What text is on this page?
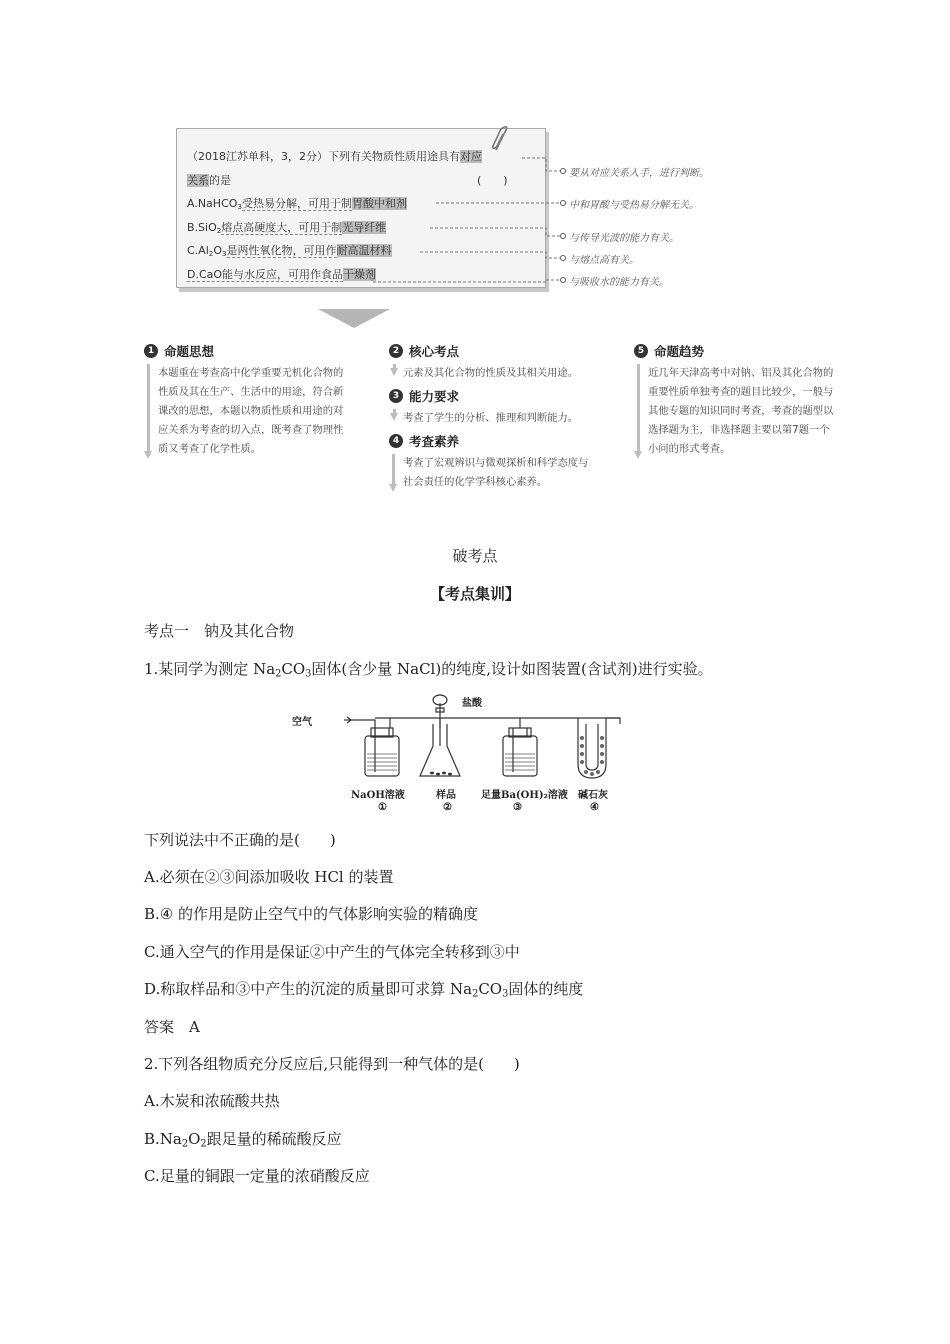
（2018江苏单科，3，2分）下列有关物质性质用途具有对应
关系的是
A.NaHCO$_3$受热易分解，可用于制胃酸中和剂
B.SiO$_2$熔点高硬度大，可用于制光导纤维
$C.Al_2O_3$是两性氧化物，可用作耐高温材料
D.CaO能与水反应，可用作食品干燥剂
(　　)
要从对应关系入手，进行判断。
中和胃酸与受热易分解无关。
与传导光波的能力有关。
与熔点高有关。
与吸收水的能力有关。
1 命题思想
本题重在考查高中化学重要无机化合物的
性质及其在生产、生活中的用途，符合新
课改的思想，本题以物质性质和用途的对
应关系为考查的切入点，既考查了物理性
质又考查了化学性质。
2 核心考点
元素及其化合物的性质及其相关用途。
3 能力要求
考查了学生的分析、推理和判断能力。
4 考查素养
考查了宏观辨识与微观探析和科学态度与
社会责任的化学学科核心素养。
5 命题趋势
近几年天津高考中对钠、铝及其化合物的
重要性质单独考查的题目比较少，一般与
其他专题的知识同时考查，考查的题型以
选择题为主，非选择题主要以第7题一个
小问的形式考查。
破考点
【考点集训】
考点一　钠及其化合物
1.某同学为测定 $Na_2CO_3$固体(含少量 NaCl)的纯度,设计如图装置(含试剂)进行实验。
空气
盐酸
NaOH溶液	样品	足量Ba(OH)₂溶液 碱石灰
①	②	③	④
下列说法中不正确的是(　　)
A.必须在②③间添加吸收 HCl 的装置
B.④ 的作用是防止空气中的气体影响实验的精确度
C.通入空气的作用是保证②中产生的气体完全转移到③中
D.称取样品和③中产生的沉淀的质量即可求算 $Na_2CO_3$固体的纯度
答案　A
2.下列各组物质充分反应后,只能得到一种气体的是(　　)
A.木炭和浓硫酸共热
$B.Na_2O_2$跟足量的稀硫酸反应
C.足量的铜跟一定量的浓硝酸反应
